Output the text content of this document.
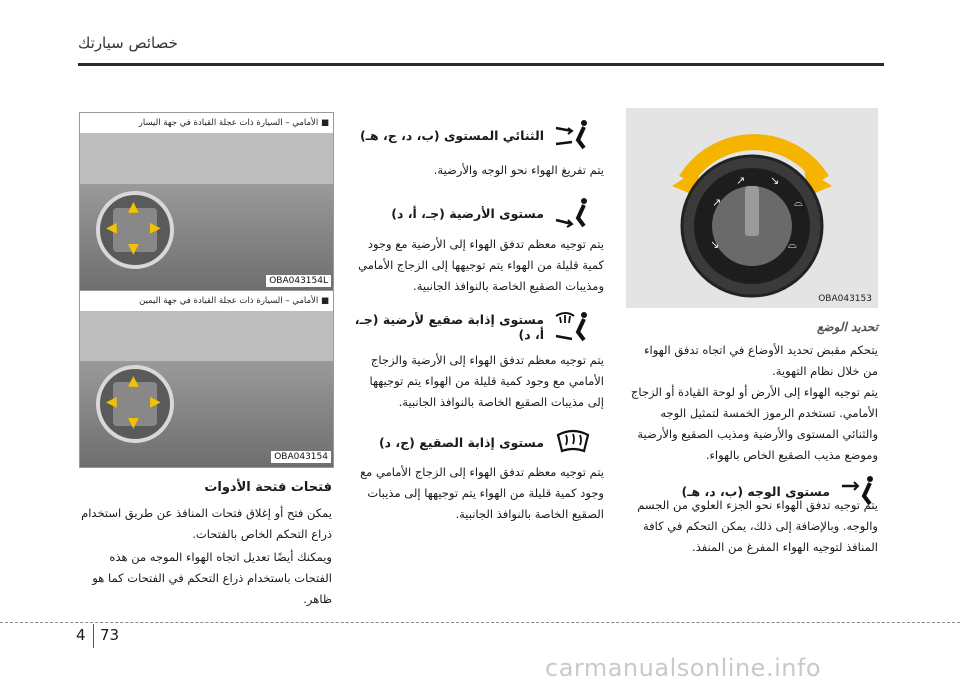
خصائص سيارتك
■ الأمامي – السيارة ذات عجلة القيادة في جهة اليسار
▲
▼
◀ ▶
OBA043154L
■ الأمامي – السيارة ذات عجلة القيادة في جهة اليمين
▲
▼
◀ ▶
OBA043154
فتحات فتحة الأدوات
يمكن فتح أو إغلاق فتحات المنافذ عن طريق استخدام ذراع التحكم الخاص بالفتحات.
ويمكنك أيضًا تعديل اتجاه الهواء الموجه من هذه الفتحات باستخدام ذراع التحكم في الفتحات كما هو ظاهر.
الثنائي المستوى (ب، د، ج، هـ)
يتم تفريغ الهواء نحو الوجه والأرضية.
مستوى الأرضية (جـ، أ، د)
يتم توجيه معظم تدفق الهواء إلى الأرضية مع وجود كمية قليلة من الهواء يتم توجيهها إلى الزجاج الأمامي ومذيبات الصقيع الخاصة بالنوافذ الجانبية.
مستوى إذابة صقيع لأرضية (جـ، أ، د)
يتم توجيه معظم تدفق الهواء إلى الأرضية والزجاج الأمامي مع وجود كمية قليلة من الهواء يتم توجيهها إلى مذيبات الصقيع الخاصة بالنوافذ الجانبية.
مستوى إذابة الصقيع (ج، د)
يتم توجيه معظم تدفق الهواء إلى الزجاج الأمامي مع وجود كمية قليلة من الهواء يتم توجيهها إلى مذيبات الصقيع الخاصة بالنوافذ الجانبية.
↗
↗ ↘
⌓
↘	⌓
OBA043153
تحديد الوضع
يتحكم مقبض تحديد الأوضاع في اتجاه تدفق الهواء من خلال نظام التهوية.
يتم توجيه الهواء إلى الأرض أو لوحة القيادة أو الزجاج الأمامي. تستخدم الرموز الخمسة لتمثيل الوجه والثنائي المستوى والأرضية ومذيب الصقيع والأرضية وموضع مذيب الصقيع الخاص بالهواء.
مستوى الوجه (ب، د، هـ)
يتم توجيه تدفق الهواء نحو الجزء العلوي من الجسم والوجه. وبالإضافة إلى ذلك، يمكن التحكم في كافة المنافذ لتوجيه الهواء المفرغ من المنفذ.
4 73
carmanualsonline.info
